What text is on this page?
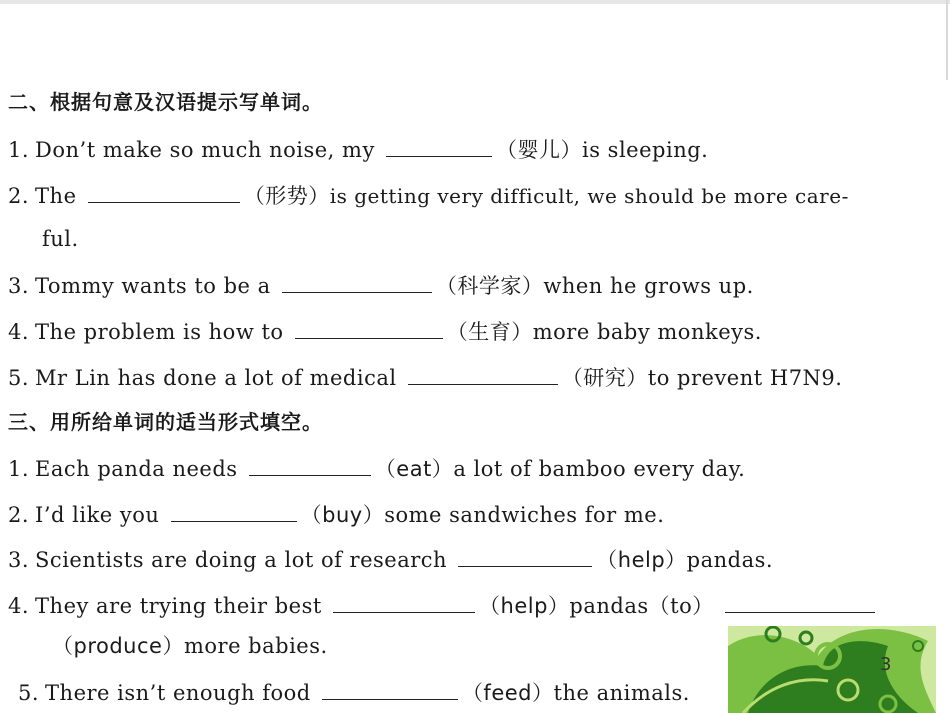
二、根据句意及汉语提示写单词。
1. Don’t make so much noise, my	（婴儿）is sleeping.
2. The	（形势）is getting very difficult, we should be more care-
ful.
3. Tommy wants to be a	（科学家）when he grows up.
4. The problem is how to	（生育）more baby monkeys.
5. Mr Lin has done a lot of medical	（研究）to prevent H7N9.
三、用所给单词的适当形式填空。
1. Each panda needs	（eat）a lot of bamboo every day.
2. I’d like you	（buy）some sandwiches for me.
3. Scientists are doing a lot of research	（help）pandas.
4. They are trying their best	（help）pandas（to）
（produce）more babies.
5. There isn’t enough food	（feed）the animals.
3
